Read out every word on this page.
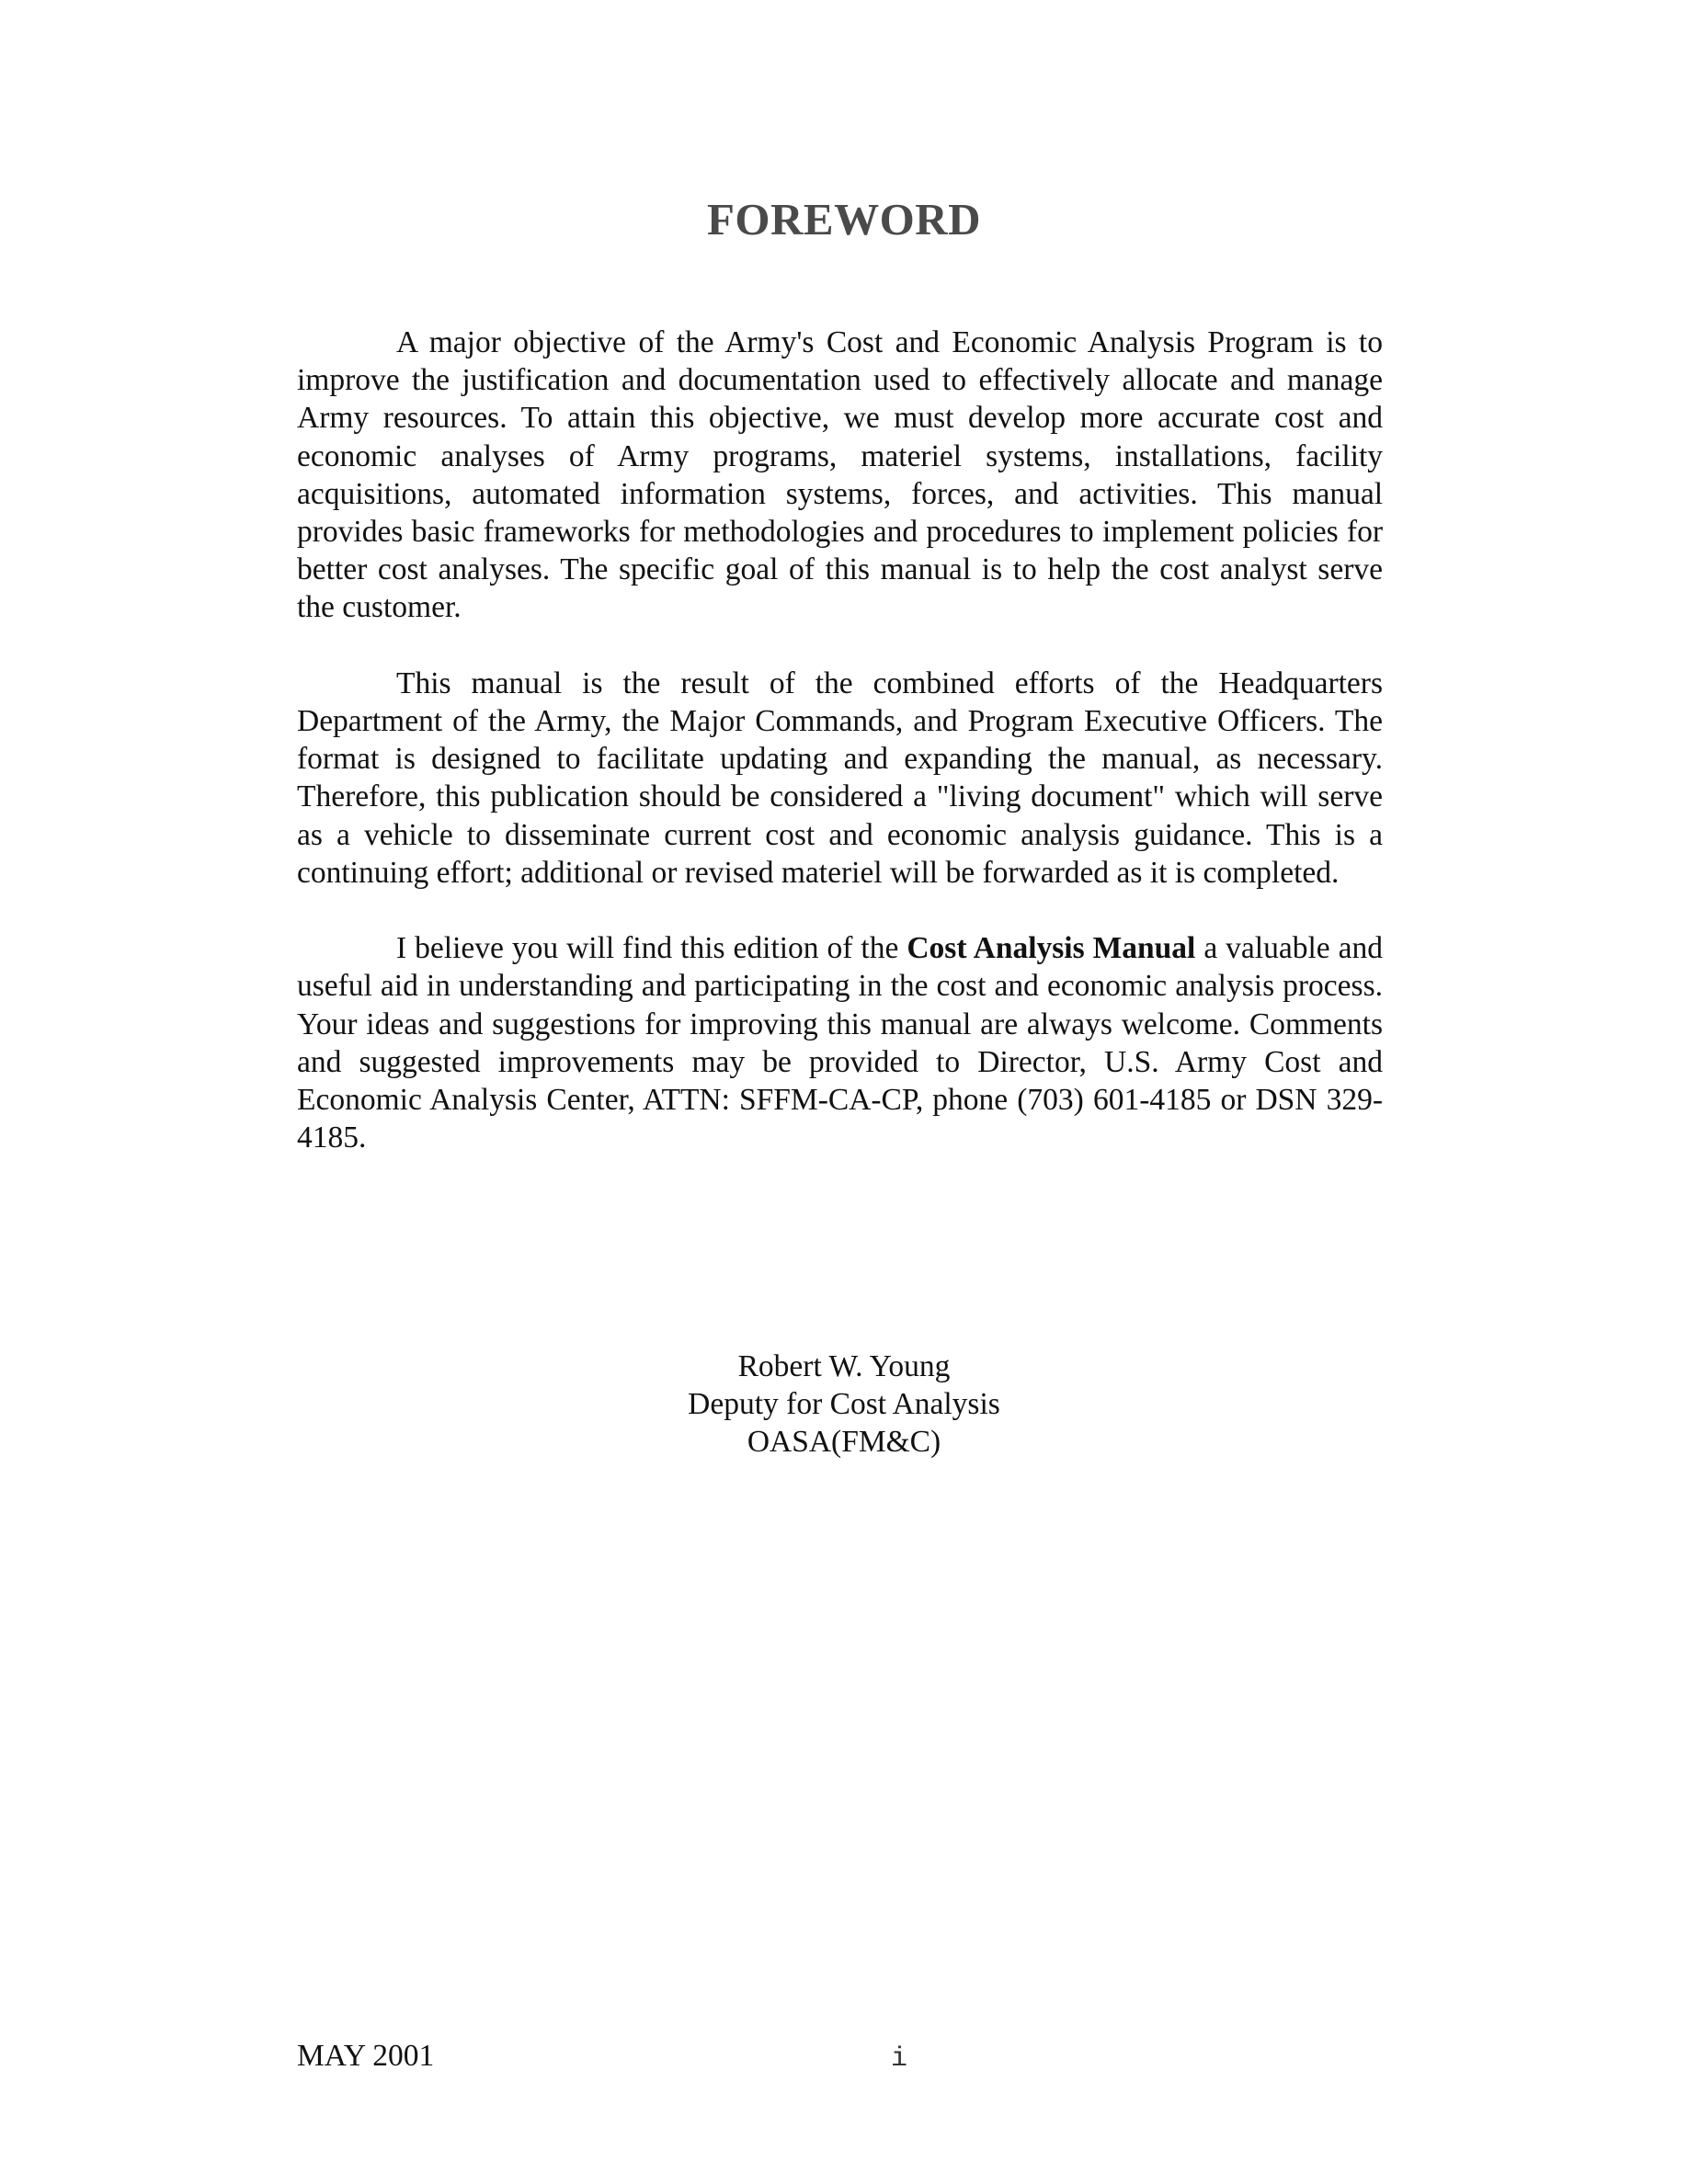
FOREWORD

A major objective of the Army's Cost and Economic Analysis Program is to improve the justification and documentation used to effectively allocate and manage Army resources. To attain this objective, we must develop more accurate cost and economic analyses of Army programs, materiel systems, installations, facility acquisitions, automated information systems, forces, and activities. This manual provides basic frameworks for methodologies and procedures to implement policies for better cost analyses. The specific goal of this manual is to help the cost analyst serve the customer.

This manual is the result of the combined efforts of the Headquarters Department of the Army, the Major Commands, and Program Executive Officers. The format is designed to facilitate updating and expanding the manual, as necessary. Therefore, this publication should be considered a "living document" which will serve as a vehicle to disseminate current cost and economic analysis guidance. This is a continuing effort; additional or revised materiel will be forwarded as it is completed.

I believe you will find this edition of the Cost Analysis Manual a valuable and useful aid in understanding and participating in the cost and economic analysis process. Your ideas and suggestions for improving this manual are always welcome. Comments and suggested improvements may be provided to Director, U.S. Army Cost and Economic Analysis Center, ATTN: SFFM-CA-CP, phone (703) 601-4185 or DSN 329-4185.

Robert W. Young
Deputy for Cost Analysis
OASA(FM&C)
MAY 2001	i
